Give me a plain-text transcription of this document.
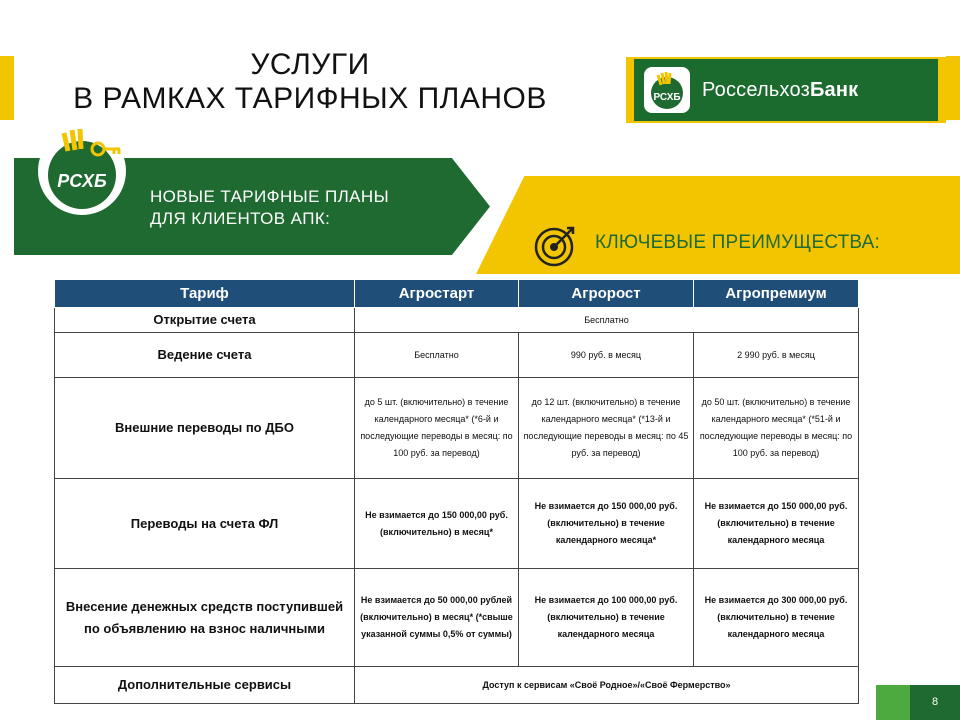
УСЛУГИ
В РАМКАХ ТАРИФНЫХ ПЛАНОВ	РСХБ РоссельхозБанк
РСХБ
НОВЫЕ ТАРИФНЫЕ ПЛАНЫ
ДЛЯ КЛИЕНТОВ АПК:
КЛЮЧЕВЫЕ ПРЕИМУЩЕСТВА:
Тариф	Агростарт	Агророст	Агропремиум
Открытие счета	Бесплатно		
Ведение счета	Бесплатно	990 руб. в месяц	2 990 руб. в месяц
Внешние переводы по ДБО	до 5 шт. (включительно) в течение календарного месяца* (*6-й и последующие переводы в месяц: по 100 руб. за перевод)	до 12 шт. (включительно) в течение календарного месяца* (*13-й и последующие переводы в месяц: по 45 руб. за перевод)	до 50 шт. (включительно) в течение календарного месяца* (*51-й и последующие переводы в месяц: по 100 руб. за перевод)
Переводы на счета ФЛ	Не взимается до 150 000,00 руб. (включительно) в месяц*	Не взимается до 150 000,00 руб. (включительно) в течение календарного месяца*	Не взимается до 150 000,00 руб. (включительно) в течение календарного месяца
Внесение денежных средств поступившей по объявлению на взнос наличными	Не взимается до 50 000,00 рублей (включительно) в месяц* (*свыше указанной суммы 0,5% от суммы)	Не взимается до 100 000,00 руб. (включительно) в течение календарного месяца	Не взимается до 300 000,00 руб. (включительно) в течение календарного месяца
Дополнительные сервисы	Доступ к сервисам «Своё Родное»/«Своё Фермерство»		
8
